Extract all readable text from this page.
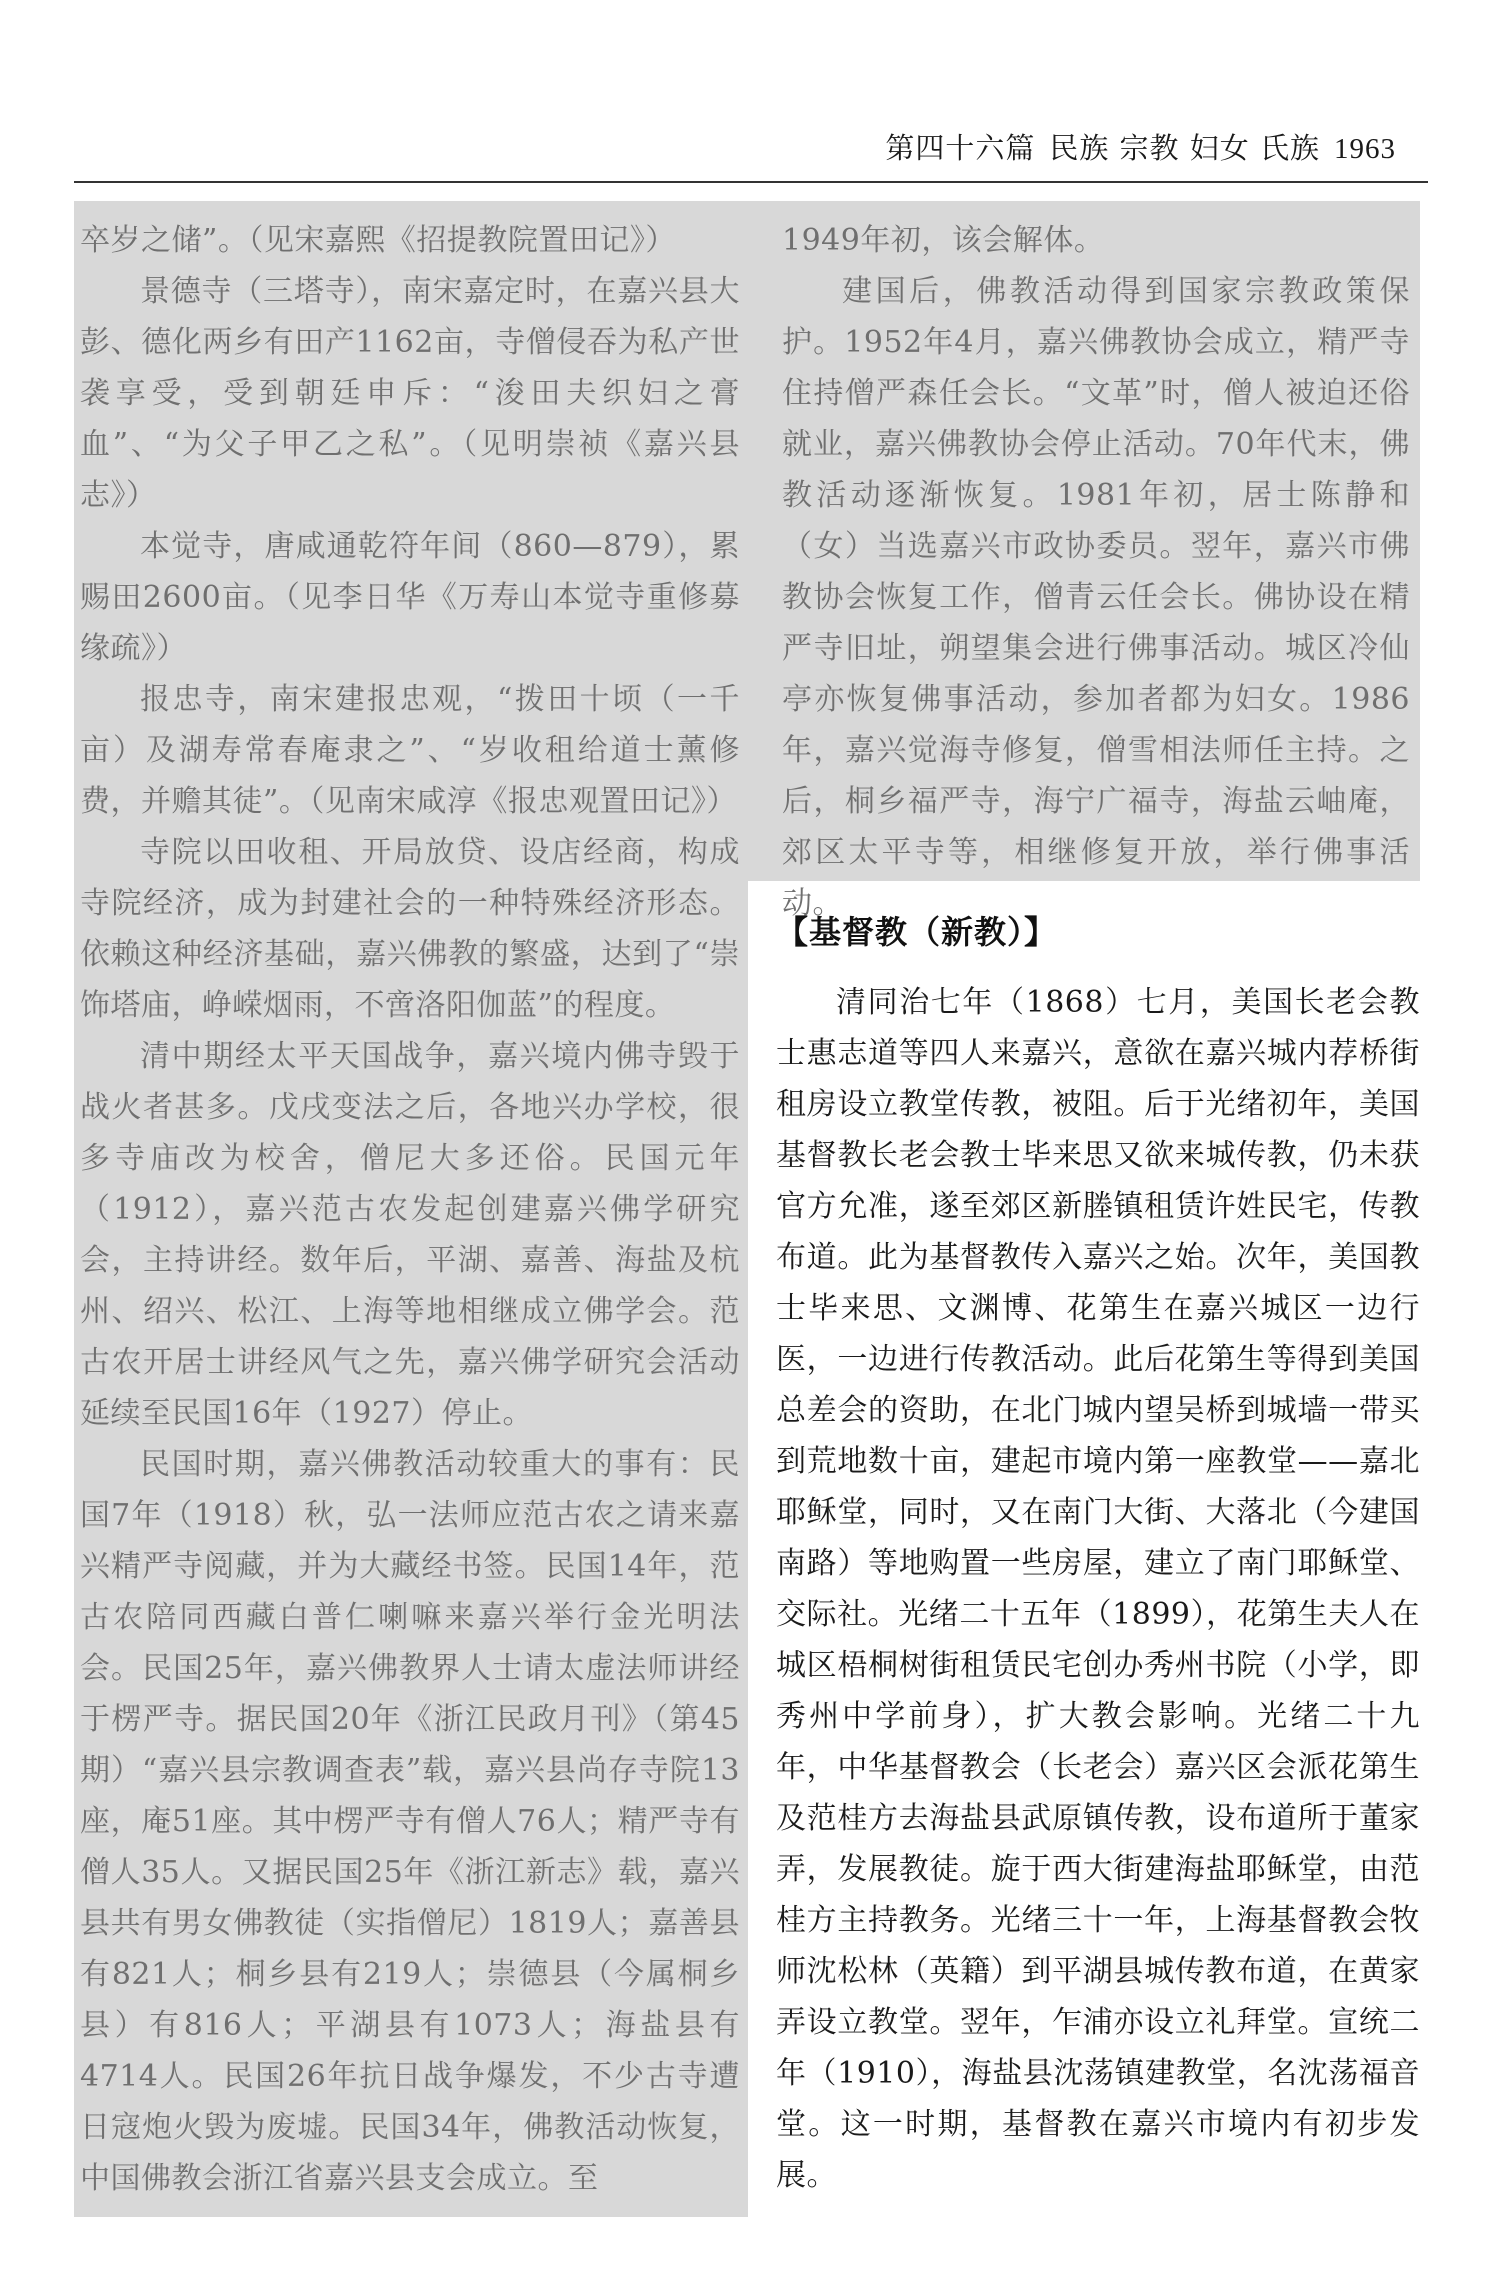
第四十六篇 民族 宗教 妇女 氏族 1963

卒岁之储”。（见宋嘉熙《招提教院置田记》）

景德寺（三塔寺），南宋嘉定时，在嘉兴县大彭、德化两乡有田产1162亩，寺僧侵吞为私产世袭享受，受到朝廷申斥：“浚田夫织妇之膏血”、“为父子甲乙之私”。（见明崇祯《嘉兴县志》）

本觉寺，唐咸通乾符年间（860—879），累赐田2600亩。（见李日华《万寿山本觉寺重修募缘疏》）

报忠寺，南宋建报忠观，“拨田十顷（一千亩）及湖寿常春庵隶之”、“岁收租给道士薰修费，并赡其徒”。（见南宋咸淳《报忠观置田记》）

寺院以田收租、开局放贷、设店经商，构成寺院经济，成为封建社会的一种特殊经济形态。依赖这种经济基础，嘉兴佛教的繁盛，达到了“崇饰塔庙，峥嵘烟雨，不啻洛阳伽蓝”的程度。

清中期经太平天国战争，嘉兴境内佛寺毁于战火者甚多。戊戌变法之后，各地兴办学校，很多寺庙改为校舍，僧尼大多还俗。民国元年（1912），嘉兴范古农发起创建嘉兴佛学研究会，主持讲经。数年后，平湖、嘉善、海盐及杭州、绍兴、松江、上海等地相继成立佛学会。范古农开居士讲经风气之先，嘉兴佛学研究会活动延续至民国16年（1927）停止。

民国时期，嘉兴佛教活动较重大的事有：民国7年（1918）秋，弘一法师应范古农之请来嘉兴精严寺阅藏，并为大藏经书签。民国14年，范古农陪同西藏白普仁喇嘛来嘉兴举行金光明法会。民国25年，嘉兴佛教界人士请太虚法师讲经于楞严寺。据民国20年《浙江民政月刊》（第45期）“嘉兴县宗教调查表”载，嘉兴县尚存寺院13座，庵51座。其中楞严寺有僧人76人；精严寺有僧人35人。又据民国25年《浙江新志》载，嘉兴县共有男女佛教徒（实指僧尼）1819人；嘉善县有821人；桐乡县有219人；崇德县（今属桐乡县）有816人；平湖县有1073人；海盐县有4714人。民国26年抗日战争爆发，不少古寺遭日寇炮火毁为废墟。民国34年，佛教活动恢复，中国佛教会浙江省嘉兴县支会成立。至

1949年初，该会解体。

建国后，佛教活动得到国家宗教政策保护。1952年4月，嘉兴佛教协会成立，精严寺住持僧严森任会长。“文革”时，僧人被迫还俗就业，嘉兴佛教协会停止活动。70年代末，佛教活动逐渐恢复。1981年初，居士陈静和（女）当选嘉兴市政协委员。翌年，嘉兴市佛教协会恢复工作，僧青云任会长。佛协设在精严寺旧址，朔望集会进行佛事活动。城区冷仙亭亦恢复佛事活动，参加者都为妇女。1986年，嘉兴觉海寺修复，僧雪相法师任主持。之后，桐乡福严寺，海宁广福寺，海盐云岫庵，郊区太平寺等，相继修复开放，举行佛事活动。

【基督教（新教）】

清同治七年（1868）七月，美国长老会教士惠志道等四人来嘉兴，意欲在嘉兴城内荐桥街租房设立教堂传教，被阻。后于光绪初年，美国基督教长老会教士毕来思又欲来城传教，仍未获官方允准，遂至郊区新塍镇租赁许姓民宅，传教布道。此为基督教传入嘉兴之始。次年，美国教士毕来思、文渊博、花第生在嘉兴城区一边行医，一边进行传教活动。此后花第生等得到美国总差会的资助，在北门城内望吴桥到城墙一带买到荒地数十亩，建起市境内第一座教堂——嘉北耶稣堂，同时，又在南门大街、大落北（今建国南路）等地购置一些房屋，建立了南门耶稣堂、交际社。光绪二十五年（1899），花第生夫人在城区梧桐树街租赁民宅创办秀州书院（小学，即秀州中学前身），扩大教会影响。光绪二十九年，中华基督教会（长老会）嘉兴区会派花第生及范桂方去海盐县武原镇传教，设布道所于董家弄，发展教徒。旋于西大街建海盐耶稣堂，由范桂方主持教务。光绪三十一年，上海基督教会牧师沈松林（英籍）到平湖县城传教布道，在黄家弄设立教堂。翌年，乍浦亦设立礼拜堂。宣统二年（1910），海盐县沈荡镇建教堂，名沈荡福音堂。这一时期，基督教在嘉兴市境内有初步发展。
